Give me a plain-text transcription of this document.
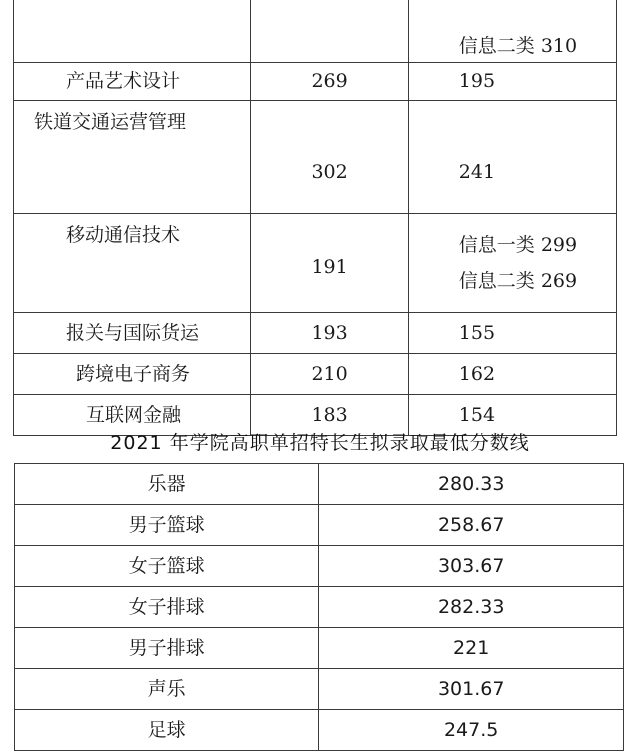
		信息二类 310
产品艺术设计	269	195
铁道交通运营管理	302	241
移动通信技术	191	信息一类 299
信息二类 269

报关与国际货运	193	155
跨境电子商务	210	162
互联网金融	183	154
2021 年学院高职单招特长生拟录取最低分数线
乐器	280.33
男子篮球	258.67
女子篮球	303.67
女子排球	282.33
男子排球	221
声乐	301.67
足球	247.5
